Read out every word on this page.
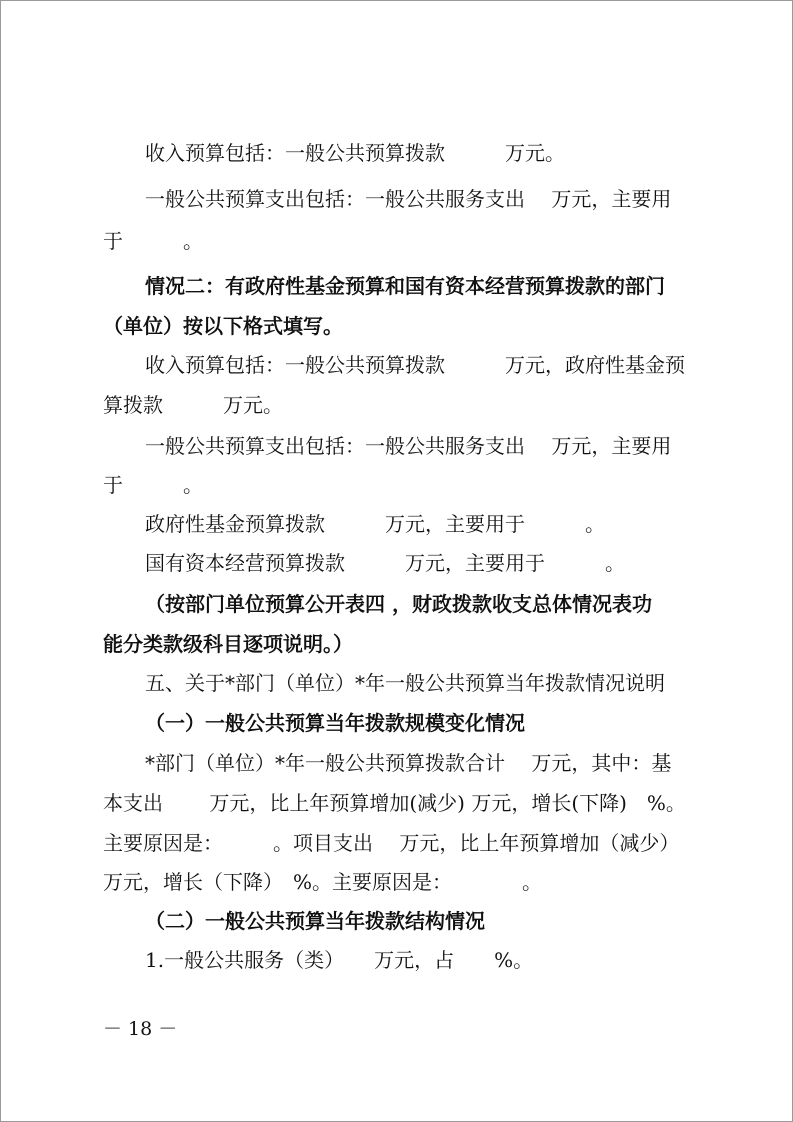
收入预算包括：一般公共预算拨款　　　万元。
一般公共预算支出包括：一般公共服务支出　 万元，主要用
于　　　。
情况二：有政府性基金预算和国有资本经营预算拨款的部门
（单位）按以下格式填写。
收入预算包括：一般公共预算拨款　　　万元，政府性基金预
算拨款　　　万元。
一般公共预算支出包括：一般公共服务支出　 万元，主要用
于　　　。
政府性基金预算拨款　　　万元，主要用于　　　。
国有资本经营预算拨款　　　万元，主要用于　　　。
（按部门单位预算公开表四 ，财政拨款收支总体情况表功
能分类款级科目逐项说明。）
五、关于*部门（单位）*年一般公共预算当年拨款情况说明
（一）一般公共预算当年拨款规模变化情况
*部门（单位）*年一般公共预算拨款合计　 万元，其中：基
本支出　　 万元，比上年预算增加(减少) 万元，增长(下降)　%。
主要原因是：　　　。项目支出　 万元，比上年预算增加（减少）
万元，增长（下降）　%。主要原因是：　　　　。
（二）一般公共预算当年拨款结构情况
1.一般公共服务（类）　　万元，占　　%。
－ 18 －
